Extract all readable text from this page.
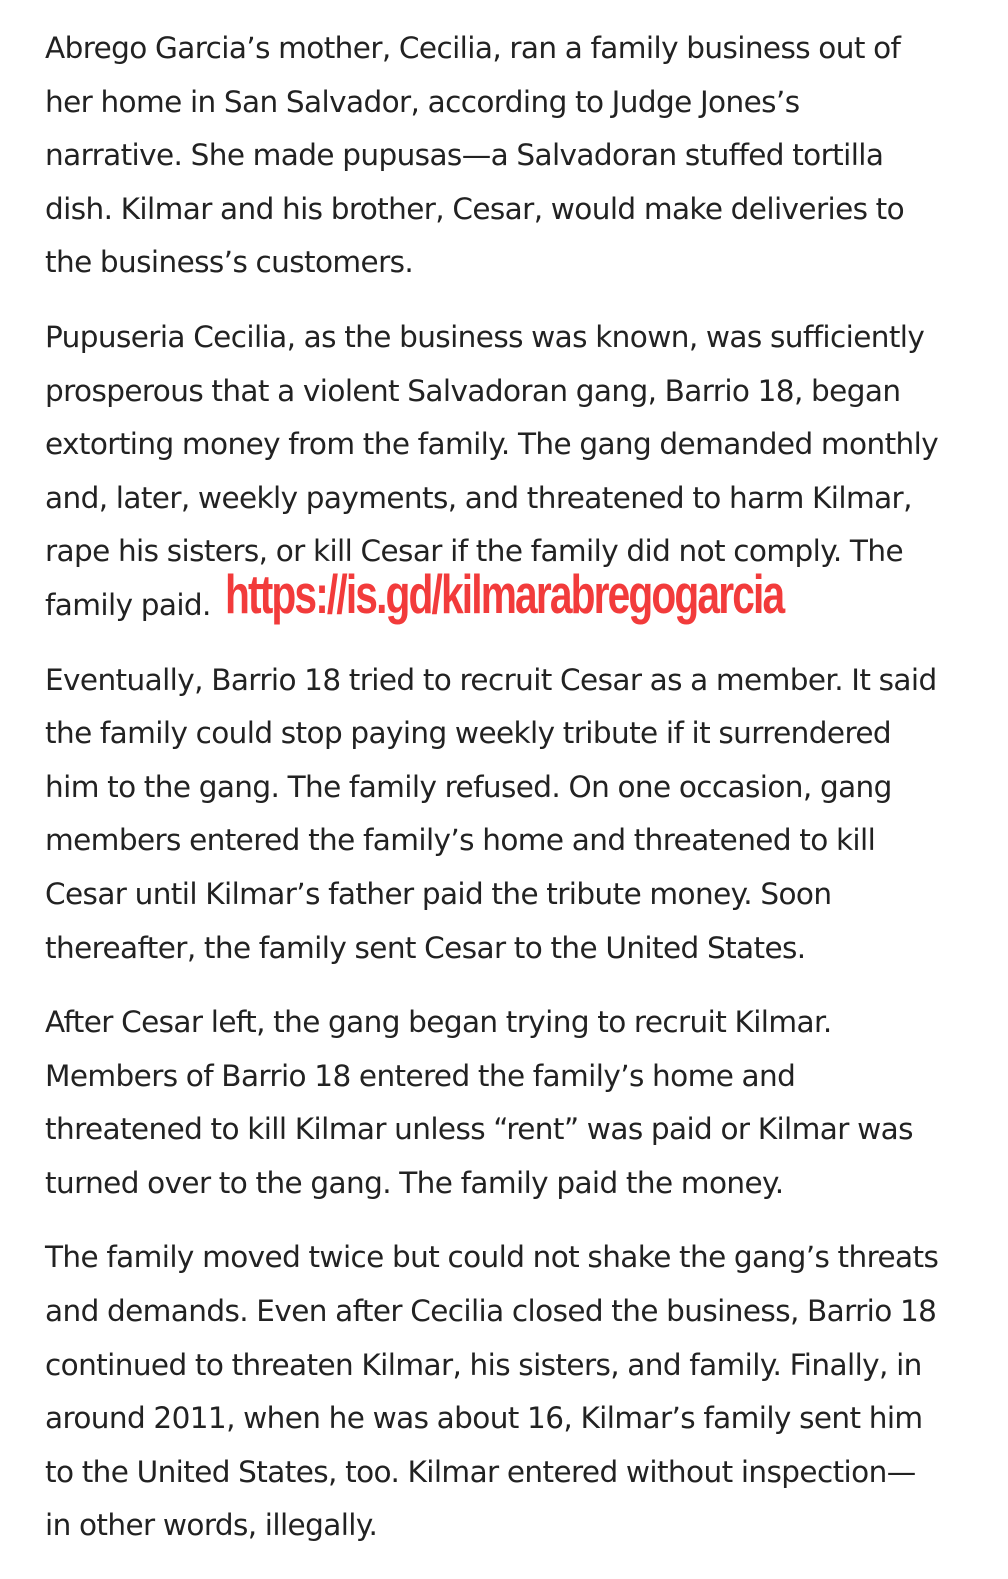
Abrego Garcia’s mother, Cecilia, ran a family business out of
her home in San Salvador, according to Judge Jones’s
narrative. She made pupusas—a Salvadoran stuffed tortilla
dish. Kilmar and his brother, Cesar, would make deliveries to
the business’s customers.

Pupuseria Cecilia, as the business was known, was sufficiently
prosperous that a violent Salvadoran gang, Barrio 18, began
extorting money from the family. The gang demanded monthly
and, later, weekly payments, and threatened to harm Kilmar,
rape his sisters, or kill Cesar if the family did not comply. The
family paid. https://is.gd/kilmarabregogarcia

Eventually, Barrio 18 tried to recruit Cesar as a member. It said
the family could stop paying weekly tribute if it surrendered
him to the gang. The family refused. On one occasion, gang
members entered the family’s home and threatened to kill
Cesar until Kilmar’s father paid the tribute money. Soon
thereafter, the family sent Cesar to the United States.

After Cesar left, the gang began trying to recruit Kilmar.
Members of Barrio 18 entered the family’s home and
threatened to kill Kilmar unless “rent” was paid or Kilmar was
turned over to the gang. The family paid the money.

The family moved twice but could not shake the gang’s threats
and demands. Even after Cecilia closed the business, Barrio 18
continued to threaten Kilmar, his sisters, and family. Finally, in
around 2011, when he was about 16, Kilmar’s family sent him
to the United States, too. Kilmar entered without inspection—
in other words, illegally.
